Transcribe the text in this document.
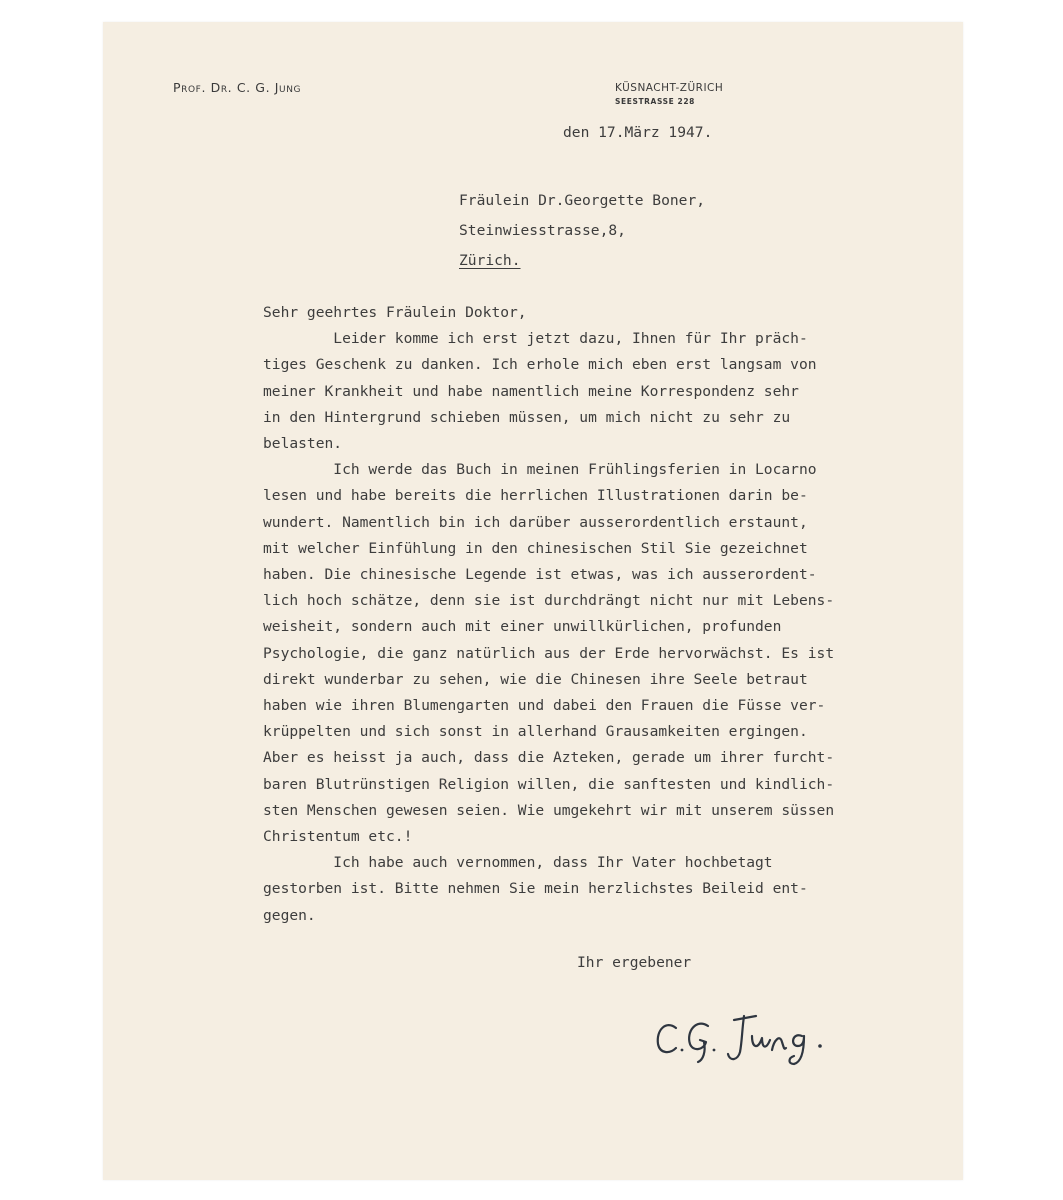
Prof. Dr. C. G. Jung	KÜSNACHT-ZÜRICH
SEESTRASSE 228
den 17.März 1947.
Fräulein Dr.Georgette Boner,
Steinwiesstrasse,8,
Zürich.
Sehr geehrtes Fräulein Doktor,
Leider komme ich erst jetzt dazu, Ihnen für Ihr präch-
tiges Geschenk zu danken. Ich erhole mich eben erst langsam von
meiner Krankheit und habe namentlich meine Korrespondenz sehr
in den Hintergrund schieben müssen, um mich nicht zu sehr zu
belasten.
Ich werde das Buch in meinen Frühlingsferien in Locarno
lesen und habe bereits die herrlichen Illustrationen darin be-
wundert. Namentlich bin ich darüber ausserordentlich erstaunt,
mit welcher Einfühlung in den chinesischen Stil Sie gezeichnet
haben. Die chinesische Legende ist etwas, was ich ausserordent-
lich hoch schätze, denn sie ist durchdrängt nicht nur mit Lebens-
weisheit, sondern auch mit einer unwillkürlichen, profunden
Psychologie, die ganz natürlich aus der Erde hervorwächst. Es ist
direkt wunderbar zu sehen, wie die Chinesen ihre Seele betraut
haben wie ihren Blumengarten und dabei den Frauen die Füsse ver-
krüppelten und sich sonst in allerhand Grausamkeiten ergingen.
Aber es heisst ja auch, dass die Azteken, gerade um ihrer furcht-
baren Blutrünstigen Religion willen, die sanftesten und kindlich-
sten Menschen gewesen seien. Wie umgekehrt wir mit unserem süssen
Christentum etc.!
Ich habe auch vernommen, dass Ihr Vater hochbetagt
gestorben ist. Bitte nehmen Sie mein herzlichstes Beileid ent-
gegen.
Ihr ergebener
